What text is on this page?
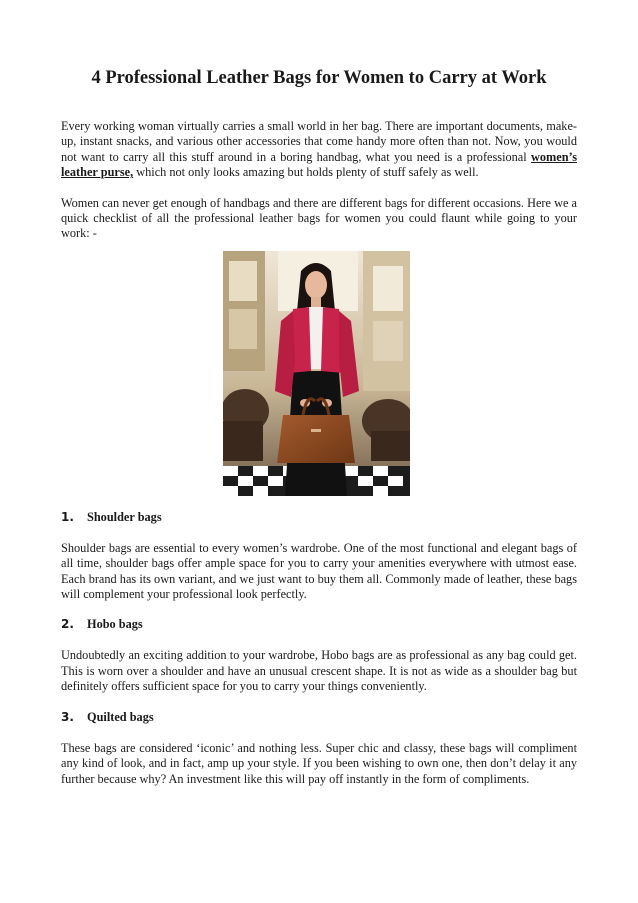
4 Professional Leather Bags for Women to Carry at Work

Every working woman virtually carries a small world in her bag. There are important documents, make-up, instant snacks, and various other accessories that come handy more often than not. Now, you would not want to carry all this stuff around in a boring handbag, what you need is a professional women’s leather purse, which not only looks amazing but holds plenty of stuff safely as well.

Women can never get enough of handbags and there are different bags for different occasions. Here we a quick checklist of all the professional leather bags for women you could flaunt while going to your work: -

1.	Shoulder bags

Shoulder bags are essential to every women’s wardrobe. One of the most functional and elegant bags of all time, shoulder bags offer ample space for you to carry your amenities everywhere with utmost ease. Each brand has its own variant, and we just want to buy them all. Commonly made of leather, these bags will complement your professional look perfectly.

2.	Hobo bags

Undoubtedly an exciting addition to your wardrobe, Hobo bags are as professional as any bag could get. This is worn over a shoulder and have an unusual crescent shape. It is not as wide as a shoulder bag but definitely offers sufficient space for you to carry your things conveniently.

3.	Quilted bags

These bags are considered ‘iconic’ and nothing less. Super chic and classy, these bags will compliment any kind of look, and in fact, amp up your style. If you been wishing to own one, then don’t delay it any further because why? An investment like this will pay off instantly in the form of compliments.
